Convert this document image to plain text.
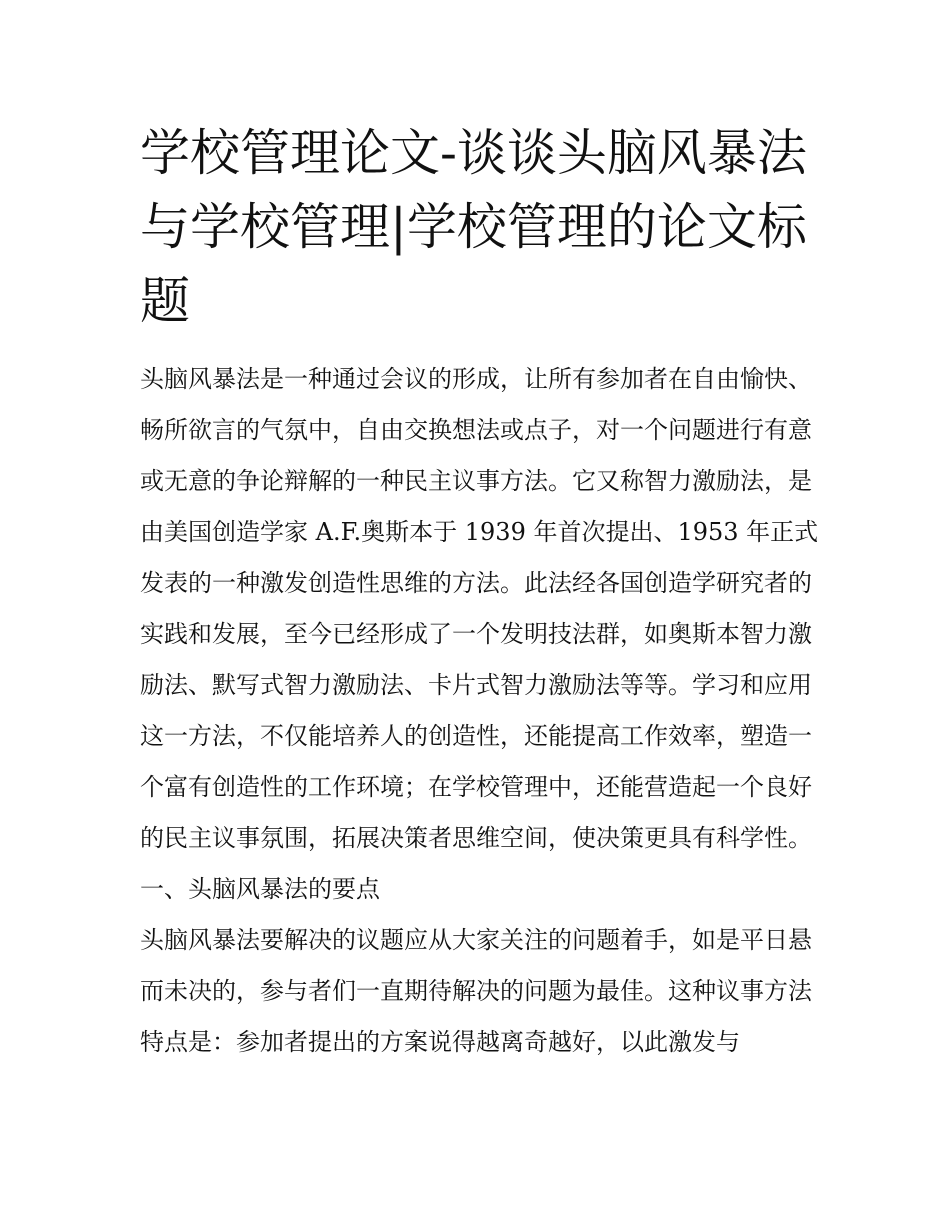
学校管理论文-谈谈头脑风暴法与学校管理|学校管理的论文标题

头脑风暴法是一种通过会议的形成，让所有参加者在自由愉快、畅所欲言的气氛中，自由交换想法或点子，对一个问题进行有意或无意的争论辩解的一种民主议事方法。它又称智力激励法，是由美国创造学家 A.F.奥斯本于 1939 年首次提出、1953 年正式发表的一种激发创造性思维的方法。此法经各国创造学研究者的实践和发展，至今已经形成了一个发明技法群，如奥斯本智力激励法、默写式智力激励法、卡片式智力激励法等等。学习和应用这一方法，不仅能培养人的创造性，还能提高工作效率，塑造一个富有创造性的工作环境；在学校管理中，还能营造起一个良好的民主议事氛围，拓展决策者思维空间，使决策更具有科学性。

一、头脑风暴法的要点

头脑风暴法要解决的议题应从大家关注的问题着手，如是平日悬而未决的，参与者们一直期待解决的问题为最佳。这种议事方法特点是：参加者提出的方案说得越离奇越好，以此激发与
